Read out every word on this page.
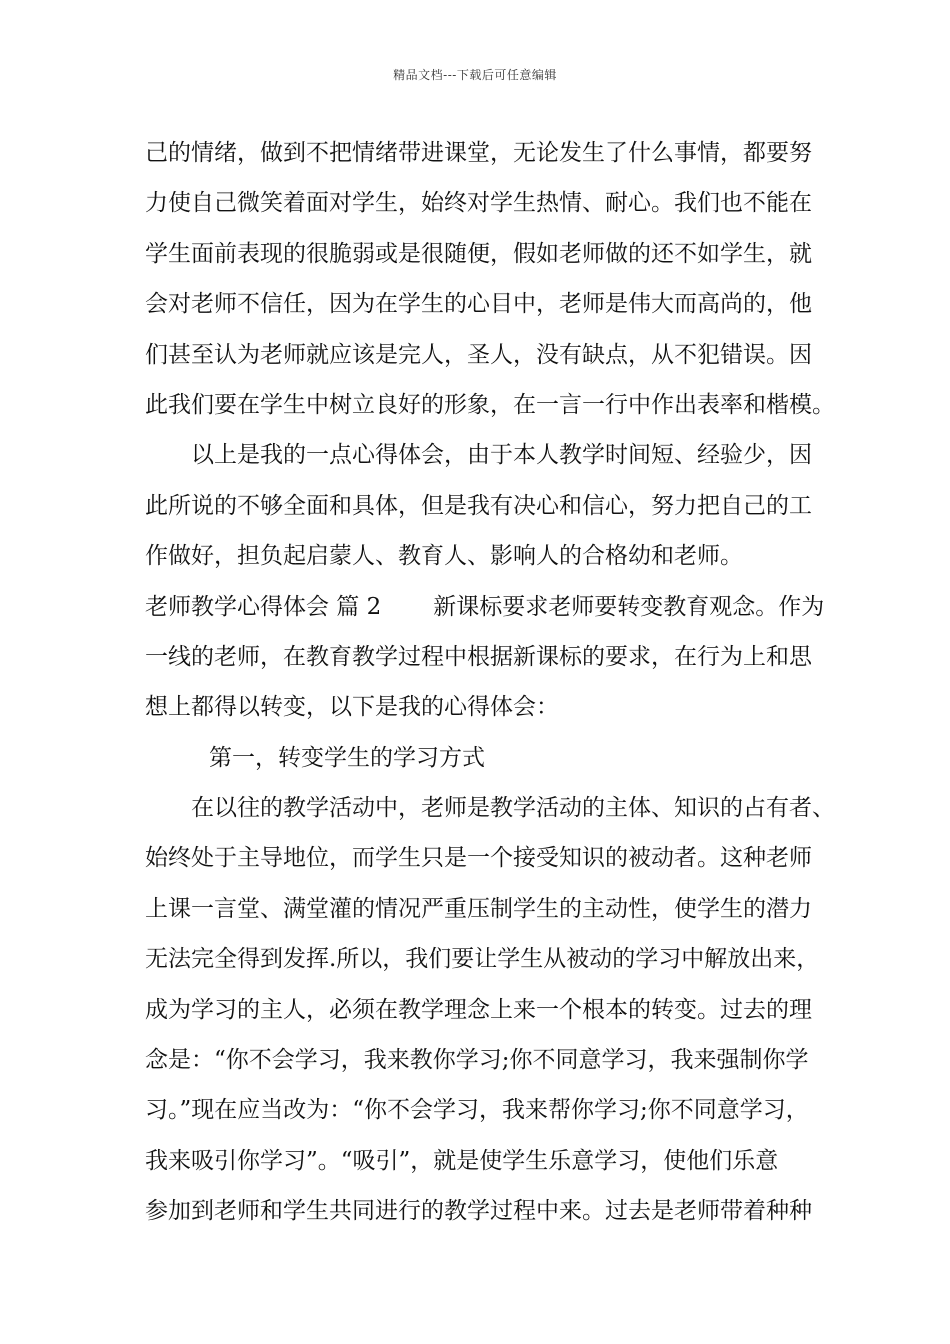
精品文档---下载后可任意编辑
己的情绪，做到不把情绪带进课堂，无论发生了什么事情，都要努
力使自己微笑着面对学生，始终对学生热情、耐心。我们也不能在
学生面前表现的很脆弱或是很随便，假如老师做的还不如学生，就
会对老师不信任，因为在学生的心目中，老师是伟大而高尚的，他
们甚至认为老师就应该是完人，圣人，没有缺点，从不犯错误。因
此我们要在学生中树立良好的形象，在一言一行中作出表率和楷模。
以上是我的一点心得体会，由于本人教学时间短、经验少，因
此所说的不够全面和具体，但是我有决心和信心，努力把自己的工
作做好，担负起启蒙人、教育人、影响人的合格幼和老师。
老师教学心得体会 篇 2 新课标要求老师要转变教育观念。作为
一线的老师，在教育教学过程中根据新课标的要求，在行为上和思
想上都得以转变，以下是我的心得体会：
第一，转变学生的学习方式
在以往的教学活动中，老师是教学活动的主体、知识的占有者、
始终处于主导地位，而学生只是一个接受知识的被动者。这种老师
上课一言堂、满堂灌的情况严重压制学生的主动性，使学生的潜力
无法完全得到发挥.所以，我们要让学生从被动的学习中解放出来，
成为学习的主人，必须在教学理念上来一个根本的转变。过去的理
念是：“你不会学习，我来教你学习;你不同意学习，我来强制你学
习。”现在应当改为：“你不会学习，我来帮你学习;你不同意学习，
我来吸引你学习”。“吸引”，就是使学生乐意学习，使他们乐意
参加到老师和学生共同进行的教学过程中来。过去是老师带着种种
